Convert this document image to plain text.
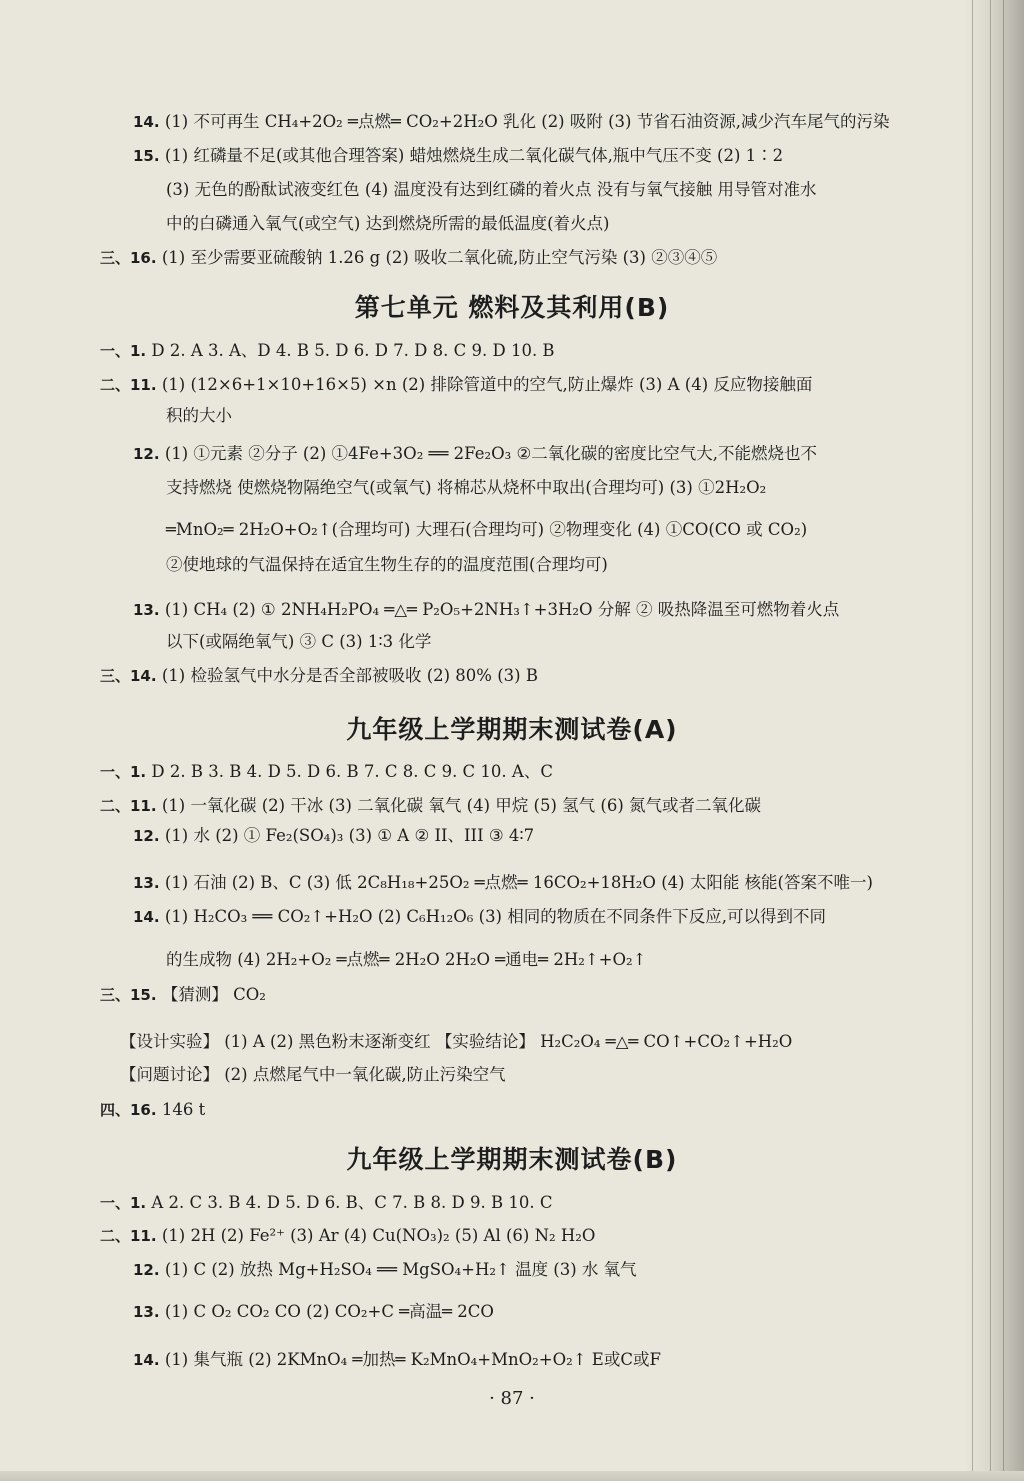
14. (1) 不可再生 CH₄+2O₂ ═点燃═ CO₂+2H₂O 乳化 (2) 吸附 (3) 节省石油资源,减少汽车尾气的污染
15. (1) 红磷量不足(或其他合理答案) 蜡烛燃烧生成二氧化碳气体,瓶中气压不变 (2) 1∶2
(3) 无色的酚酞试液变红色 (4) 温度没有达到红磷的着火点 没有与氧气接触 用导管对准水
中的白磷通入氧气(或空气) 达到燃烧所需的最低温度(着火点)
三、16. (1) 至少需要亚硫酸钠 1.26 g (2) 吸收二氧化硫,防止空气污染 (3) ②③④⑤
第七单元 燃料及其利用(B)
一、1. D 2. A 3. A、D 4. B 5. D 6. D 7. D 8. C 9. D 10. B
二、11. (1) (12×6+1×10+16×5) ×n (2) 排除管道中的空气,防止爆炸 (3) A (4) 反应物接触面
积的大小
12. (1) ①元素 ②分子 (2) ①4Fe+3O₂ ══ 2Fe₂O₃ ②二氧化碳的密度比空气大,不能燃烧也不
支持燃烧 使燃烧物隔绝空气(或氧气) 将棉芯从烧杯中取出(合理均可) (3) ①2H₂O₂
═MnO₂═ 2H₂O+O₂↑(合理均可) 大理石(合理均可) ②物理变化 (4) ①CO(CO 或 CO₂)
②使地球的气温保持在适宜生物生存的的温度范围(合理均可)
13. (1) CH₄ (2) ① 2NH₄H₂PO₄ ═△═ P₂O₅+2NH₃↑+3H₂O 分解 ② 吸热降温至可燃物着火点
以下(或隔绝氧气) ③ C (3) 1∶3 化学
三、14. (1) 检验氢气中水分是否全部被吸收 (2) 80% (3) B
九年级上学期期末测试卷(A)
一、1. D 2. B 3. B 4. D 5. D 6. B 7. C 8. C 9. C 10. A、C
二、11. (1) 一氧化碳 (2) 干冰 (3) 二氧化碳 氧气 (4) 甲烷 (5) 氢气 (6) 氮气或者二氧化碳
12. (1) 水 (2) ① Fe₂(SO₄)₃ (3) ① A ② II、III ③ 4∶7
13. (1) 石油 (2) B、C (3) 低 2C₈H₁₈+25O₂ ═点燃═ 16CO₂+18H₂O (4) 太阳能 核能(答案不唯一)
14. (1) H₂CO₃ ══ CO₂↑+H₂O (2) C₆H₁₂O₆ (3) 相同的物质在不同条件下反应,可以得到不同
的生成物 (4) 2H₂+O₂ ═点燃═ 2H₂O 2H₂O ═通电═ 2H₂↑+O₂↑
三、15. 【猜测】 CO₂
【设计实验】 (1) A (2) 黑色粉末逐渐变红 【实验结论】 H₂C₂O₄ ═△═ CO↑+CO₂↑+H₂O
【问题讨论】 (2) 点燃尾气中一氧化碳,防止污染空气
四、16. 146 t
九年级上学期期末测试卷(B)
一、1. A 2. C 3. B 4. D 5. D 6. B、C 7. B 8. D 9. B 10. C
二、11. (1) 2H (2) Fe²⁺ (3) Ar (4) Cu(NO₃)₂ (5) Al (6) N₂ H₂O
12. (1) C (2) 放热 Mg+H₂SO₄ ══ MgSO₄+H₂↑ 温度 (3) 水 氧气
13. (1) C O₂ CO₂ CO (2) CO₂+C ═高温═ 2CO
14. (1) 集气瓶 (2) 2KMnO₄ ═加热═ K₂MnO₄+MnO₂+O₂↑ E或C或F
· 87 ·
